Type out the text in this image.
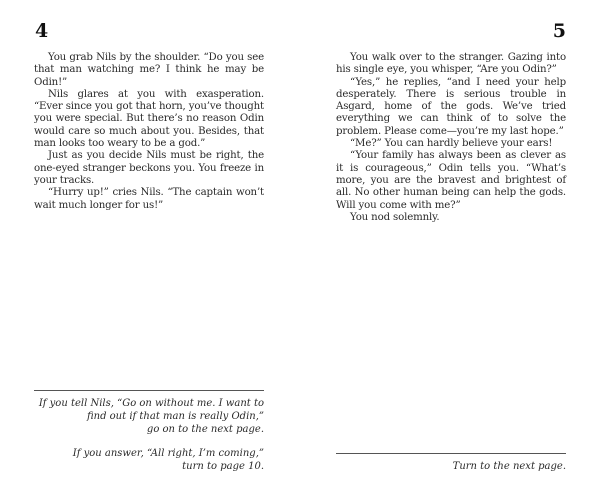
4

You grab Nils by the shoulder. “Do you see that man watching me? I think he may be Odin!”

Nils glares at you with exasperation. “Ever since you got that horn, you’ve thought you were special. But there’s no reason Odin would care so much about you. Besides, that man looks too weary to be a god.”

Just as you decide Nils must be right, the one-eyed stranger beckons you. You freeze in your tracks.

“Hurry up!” cries Nils. “The captain won’t wait much longer for us!”

If you tell Nils, “Go on without me. I want to
find out if that man is really Odin,”
go on to the next page.
If you answer, “All right, I’m coming,”
turn to page 10.
5

You walk over to the stranger. Gazing into his single eye, you whisper, “Are you Odin?”

“Yes,” he replies, “and I need your help desperately. There is serious trouble in Asgard, home of the gods. We’ve tried everything we can think of to solve the problem. Please come—you’re my last hope.”

“Me?” You can hardly believe your ears!

“Your family has always been as clever as it is courageous,” Odin tells you. “What’s more, you are the bravest and brightest of all. No other human being can help the gods. Will you come with me?”

You nod solemnly.

Turn to the next page.
